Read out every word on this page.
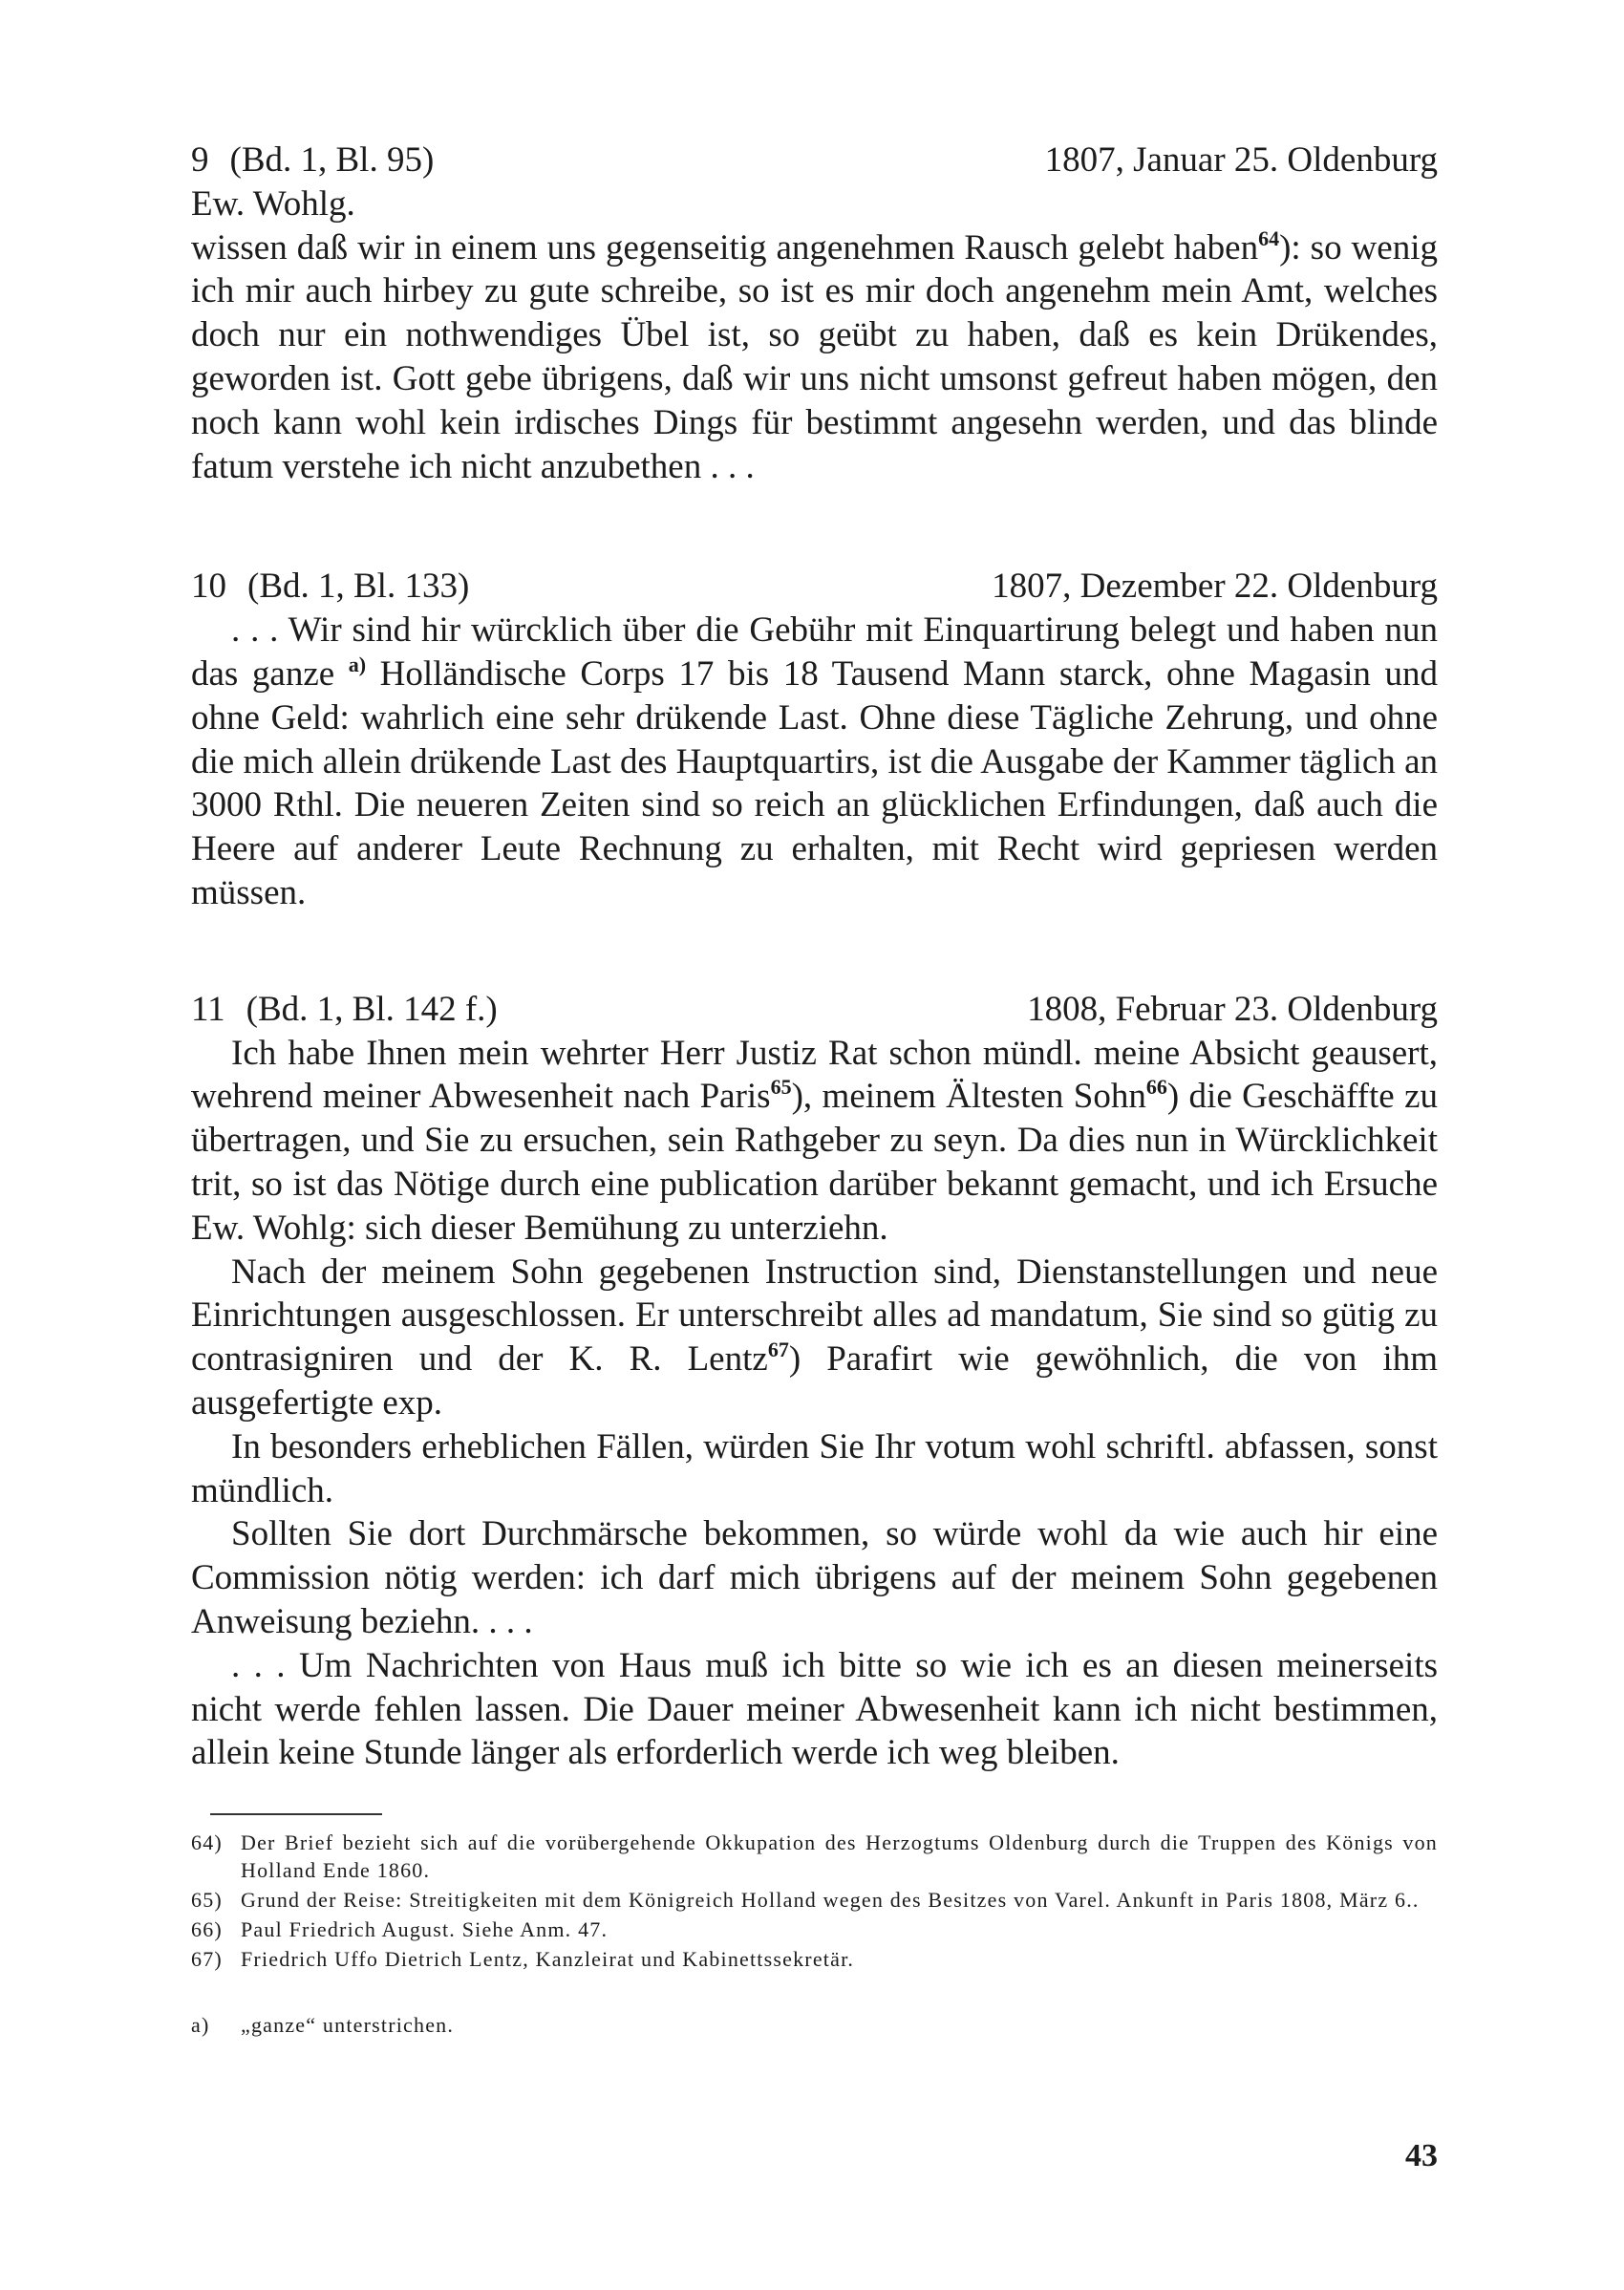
9 (Bd. 1, Bl. 95)	1807, Januar 25. Oldenburg

Ew. Wohlg.
wissen daß wir in einem uns gegenseitig angenehmen Rausch gelebt haben$^{64}$): so wenig ich mir auch hirbey zu gute schreibe, so ist es mir doch angenehm mein Amt, welches doch nur ein nothwendiges Übel ist, so geübt zu haben, daß es kein Drükendes, geworden ist. Gott gebe übrigens, daß wir uns nicht umsonst gefreut haben mögen, den noch kann wohl kein irdisches Dings für bestimmt angesehn werden, und das blinde fatum verstehe ich nicht anzubethen . . .

10 (Bd. 1, Bl. 133)	1807, Dezember 22. Oldenburg

. . . Wir sind hir würcklich über die Gebühr mit Einquartirung belegt und haben nun das ganze $^{a)}$ Holländische Corps 17 bis 18 Tausend Mann starck, ohne Magasin und ohne Geld: wahrlich eine sehr drükende Last. Ohne diese Tägliche Zehrung, und ohne die mich allein drükende Last des Hauptquartirs, ist die Ausgabe der Kammer täglich an 3000 Rthl. Die neueren Zeiten sind so reich an glücklichen Erfindungen, daß auch die Heere auf anderer Leute Rechnung zu erhalten, mit Recht wird gepriesen werden müssen.

11 (Bd. 1, Bl. 142 f.)	1808, Februar 23. Oldenburg

Ich habe Ihnen mein wehrter Herr Justiz Rat schon mündl. meine Absicht geausert, wehrend meiner Abwesenheit nach Paris$^{65}$), meinem Ältesten Sohn$^{66}$) die Geschäffte zu übertragen, und Sie zu ersuchen, sein Rathgeber zu seyn. Da dies nun in Würcklichkeit trit, so ist das Nötige durch eine publication darüber bekannt gemacht, und ich Ersuche Ew. Wohlg: sich dieser Bemühung zu unterziehn.

Nach der meinem Sohn gegebenen Instruction sind, Dienstanstellungen und neue Einrichtungen ausgeschlossen. Er unterschreibt alles ad mandatum, Sie sind so gütig zu contrasigniren und der K. R. Lentz$^{67}$) Parafirt wie gewöhnlich, die von ihm ausgefertigte exp.

In besonders erheblichen Fällen, würden Sie Ihr votum wohl schriftl. abfassen, sonst mündlich.

Sollten Sie dort Durchmärsche bekommen, so würde wohl da wie auch hir eine Commission nötig werden: ich darf mich übrigens auf der meinem Sohn gegebenen Anweisung beziehn. . . .

. . . Um Nachrichten von Haus muß ich bitte so wie ich es an diesen meinerseits nicht werde fehlen lassen. Die Dauer meiner Abwesenheit kann ich nicht bestimmen, allein keine Stunde länger als erforderlich werde ich weg bleiben.

64) Der Brief bezieht sich auf die vorübergehende Okkupation des Herzogtums Oldenburg durch die Truppen des Königs von Holland Ende 1860.
65) Grund der Reise: Streitigkeiten mit dem Königreich Holland wegen des Besitzes von Varel. Ankunft in Paris 1808, März 6..
66) Paul Friedrich August. Siehe Anm. 47.
67) Friedrich Uffo Dietrich Lentz, Kanzleirat und Kabinettssekretär.
a)	„ganze“ unterstrichen.
43
